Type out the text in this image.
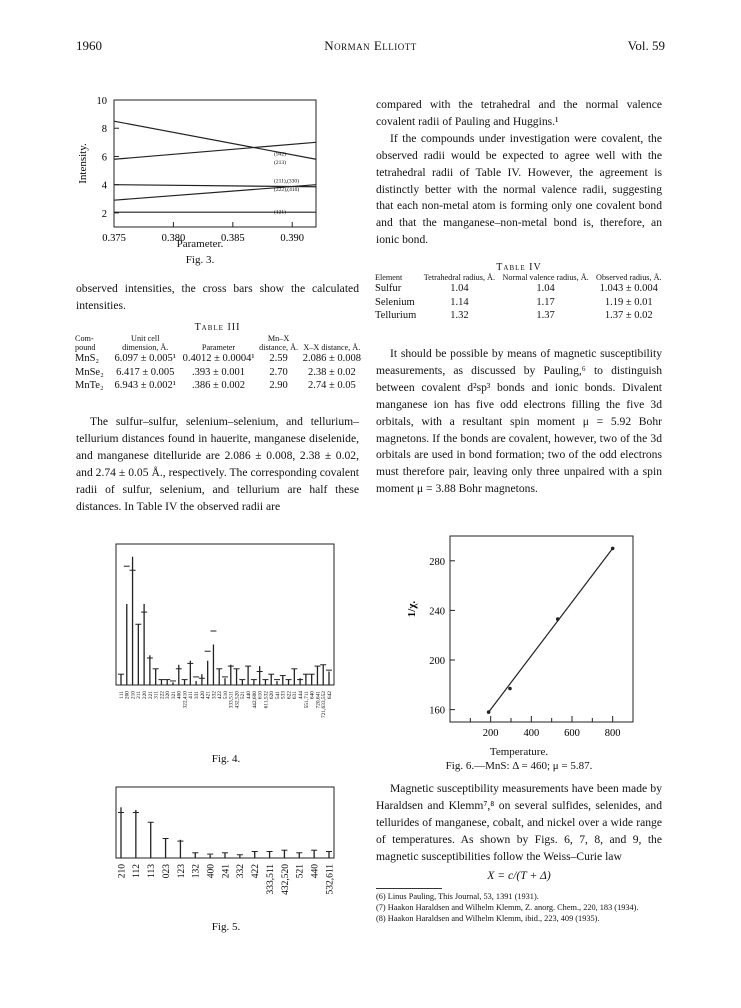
1960	Norman Elliott	Vol. 59
10
8
6
4
2
0.375	0.380	0.385	0.390
Intensity.	(942)
(213)
(211),(330)
(222),(410)
(121)
Parameter.
Fig. 3.

observed intensities, the cross bars show the calculated intensities.

Table III
Com- pound	Unit cell dimension, Å.	Parameter	Mn–X distance, Å.	X–X distance, Å.
MnS₂	6.097 ± 0.005¹	0.4012 ± 0.0004¹	2.59	2.086 ± 0.008
MnSe₂	6.417 ± 0.005	.393 ± 0.001	2.70	2.38 ± 0.02
MnTe₂	6.943 ± 0.002¹	.386 ± 0.002	2.90	2.74 ± 0.05

The sulfur–sulfur, selenium–selenium, and tellurium–tellurium distances found in hauerite, manganese diselenide, and manganese ditelluride are 2.086 ± 0.008, 2.38 ± 0.02, and 2.74 ± 0.05 Å., respectively. The corresponding covalent radii of sulfur, selenium, and tellurium are half these distances. In Table IV the observed radii are

compared with the tetrahedral and the normal valence covalent radii of Pauling and Huggins.¹

If the compounds under investigation were covalent, the observed radii would be expected to agree well with the tetrahedral radii of Table IV. However, the agreement is distinctly better with the normal valence radii, suggesting that each non-metal atom is forming only one covalent bond and that the manganese–non-metal bond is, therefore, an ionic bond.

Table IV
Element	Tetrahedral radius, Å.	Normal valence radius, Å.	Observed radius, Å.
Sulfur	1.04	1.04	1.043 ± 0.004
Selenium	1.14	1.17	1.19 ± 0.01
Tellurium	1.32	1.37	1.37 ± 0.02

It should be possible by means of magnetic susceptibility measurements, as discussed by Pauling,⁶ to distinguish between covalent d²sp³ bonds and ionic bonds. Divalent manganese ion has five odd electrons filling the five 3d orbitals, with a resultant spin moment μ = 5.92 Bohr magnetons. If the bonds are covalent, however, two of the 3d orbitals are used in bond formation; two of the odd electrons must therefore pair, leaving only three unpaired with a spin moment μ = 3.88 Bohr magnetons.

111 200 210 211 220 221 311 222 320 321 400 322,410 411 331 420 421 332 422 510 333,511 432,520 521 440 442,600 610 611,532 620 541 533 622 631 444 551,711 640 720,641 721,633,552 642
Fig. 4.
210 112 113 023 123 132 400 241 332 422 333,511 432,520 521 440 532,611
Fig. 5.
280
240
200
160
200 400 600 800
1/χ.
Temperature.
Fig. 6.—MnS: Δ = 460; μ = 5.87.

Magnetic susceptibility measurements have been made by Haraldsen and Klemm⁷,⁸ on several sulfides, selenides, and tellurides of manganese, cobalt, and nickel over a wide range of temperatures. As shown by Figs. 6, 7, 8, and 9, the magnetic susceptibilities follow the Weiss–Curie law

X = c/(T + Δ)
(6) Linus Pauling, This Journal, 53, 1391 (1931).
(7) Haakon Haraldsen and Wilhelm Klemm, Z. anorg. Chem., 220, 183 (1934).
(8) Haakon Haraldsen and Wilhelm Klemm, ibid., 223, 409 (1935).
